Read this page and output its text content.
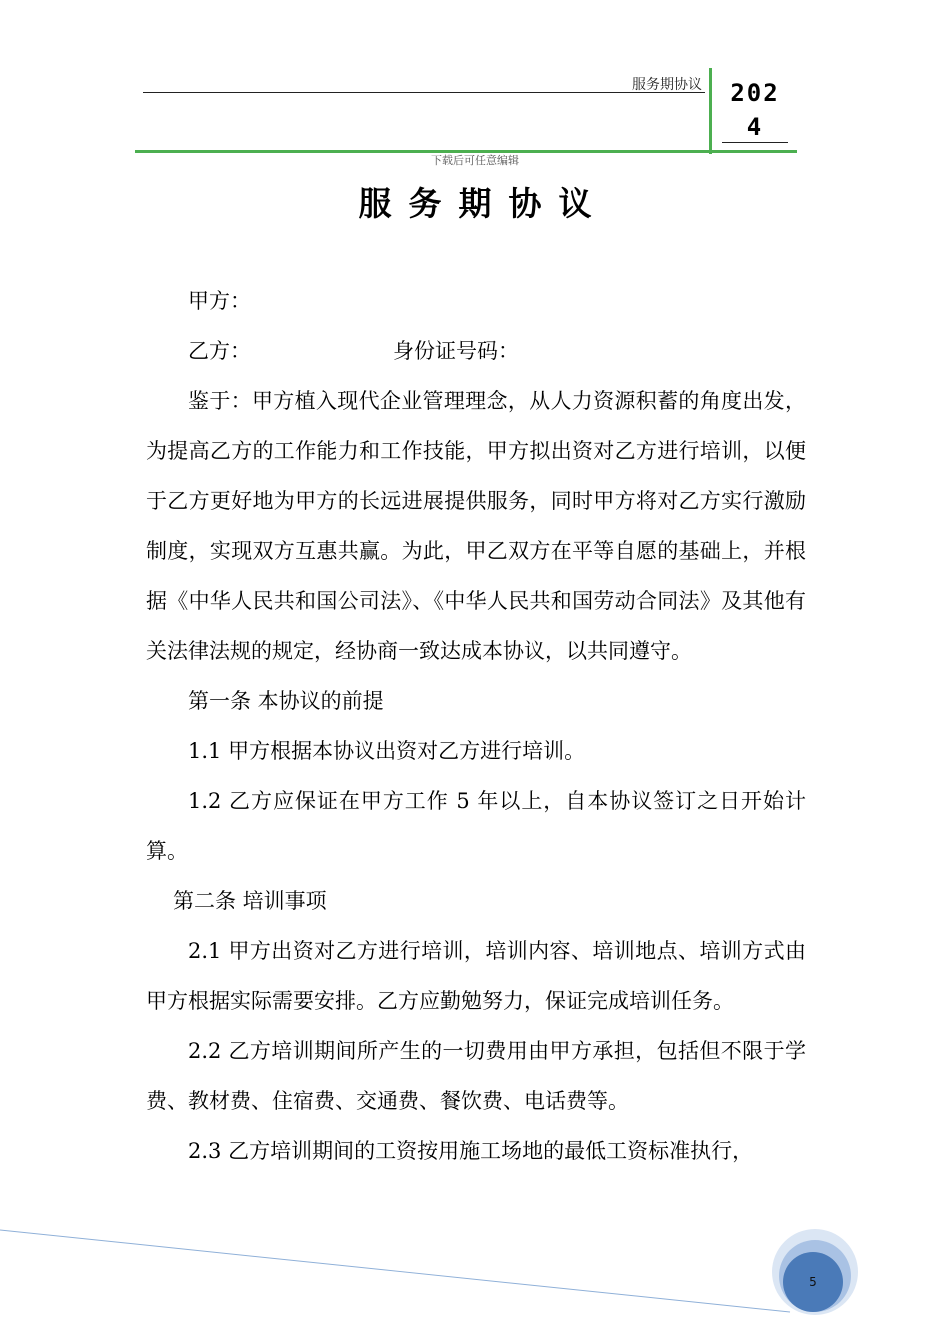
服务期协议	202
4
下载后可任意编辑
服务期协议

甲方：

乙方：	身份证号码：

鉴于：甲方植入现代企业管理理念，从人力资源积蓄的角度出发，为提高乙方的工作能力和工作技能，甲方拟出资对乙方进行培训，以便于乙方更好地为甲方的长远进展提供服务，同时甲方将对乙方实行激励制度，实现双方互惠共赢。为此，甲乙双方在平等自愿的基础上，并根据《中华人民共和国公司法》、《中华人民共和国劳动合同法》及其他有关法律法规的规定，经协商一致达成本协议，以共同遵守。

第一条 本协议的前提

1.1 甲方根据本协议出资对乙方进行培训。

1.2 乙方应保证在甲方工作 5 年以上，自本协议签订之日开始计算。

第二条 培训事项

2.1 甲方出资对乙方进行培训，培训内容、培训地点、培训方式由甲方根据实际需要安排。乙方应勤勉努力，保证完成培训任务。

2.2 乙方培训期间所产生的一切费用由甲方承担，包括但不限于学费、教材费、住宿费、交通费、餐饮费、电话费等。

2.3 乙方培训期间的工资按用施工场地的最低工资标准执行，

5
